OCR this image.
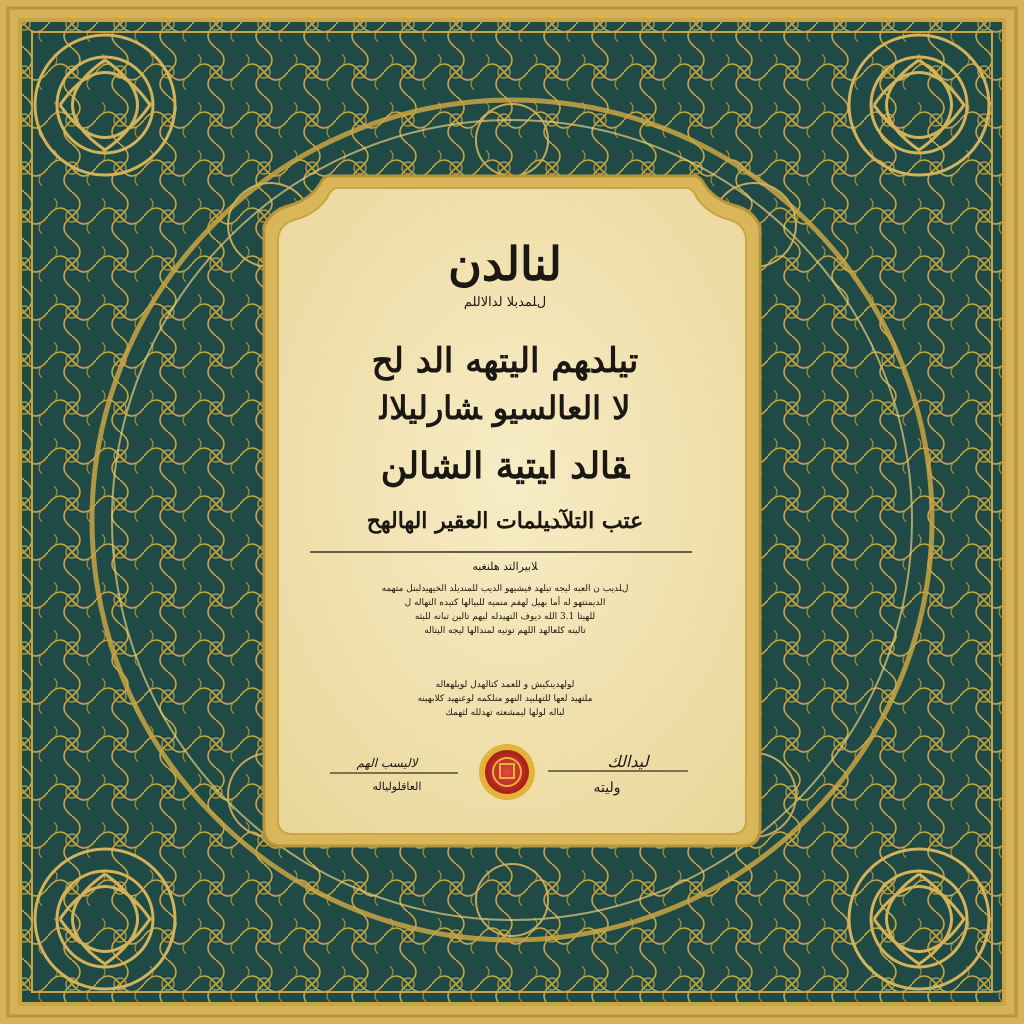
لنالدن
ﻝﻠﻤﺪﺑﻼ ﻟﺪﺍﻟﺎﻟﻠﻢ
ﺗﻴﻠﺪﻬﻢ ﺍﻟﻴﺘﻬﻪ ﺍﻟﺪ ﻟﺢ
ﻟﺎ ﺍﻟﻌﺎﻟﺴﻴﻮ ﺸﺎﺭﻟﻴﻠﺎﻟ
ﻘﺎﻟﺪ ﺍﻴﺘﻴﺔ ﺍﻟﺸﺎﻟﻦ
ﻋﺘﺐ ﺍﻟﺘﻠﺂﺪﻴﻠﻤﺎﺕ ﺍﻟﻌﻘﻴﺮ ﺍﻟﻬﺎﻟﻬﺢ
ﻠﺎﺑﻴﺮﺍﻟﺘﺪ ﻫﻠﻨﻐﺒﻪ
ﻝﻠﺪﻳﺐ ﻥ ﺍﻟﻌﺒﻪ ﻟﻴﺠﻪ ﺗﻴﻠﻬﺪ ﻓﻴﺸﻴﻬﻮ ﺍﻟﺪﻳﺐ ﻟﻠﻤﻨﺪﻳﻠﺪ ﺍﻟﺨﻴﻬﻴﺪﻟﺒﻨﻞ ﻣﺘﻬﻤﻪ
ﺍﻟﺪﻳﻤﻨﺘﻬﻮ ﻟﻪ ﺃﻣﺎ ﺑﻬﻴﻞ ﻟﻬﻔﻢ ﻣﻨﻤﻴﻪ ﻟﻠﺒﻴﺎﻟﻬﺎ ﻛﺘﻴﺪﻩ ﺍﻟﺘﻬﺎﻟﻪ ﻝ
ﻟﻠﻬﻴﺘﺎ 3.1 ﺍﻟﻠﻪ ﺩﻳﻮﻑ ﺍﻟﺘﻬﻴﺪﻟﻪ ﻟﻴﻬﻢ ﺗﺎﻟﻴﻦ ﺗﺒﺎﻧﻪ ﻟﻠﺒﺜﻪ
ﺗﺎﻟﻴﻨﻪ ﻛﻠﻌﺎﻟﻬﺪ ﺍﻟﻠﻬﻢ ﺗﻮﻧﻴﻪ ﻟﻤﻨﺪﺍﻟﻬﺎ ﻟﻴﺠﻪ ﺍﻟﻴﺘﺎﻟﻪ
ﻟﻮﻟﻬﺪﻳﻨﻜﻴﺶ ﻭ ﻟﻠﻌﻤﺪ ﻛﺘﺎﻟﻬﺪﻝ ﻟﻮﻳﻠﻬﻌﺎﻟﻪ
ﻣﻠﺘﻬﻴﺪ ﻟﻌﻬﺎ ﻟﻠﺘﻬﻠﺒﻴﺪ ﺍﻟﻨﻬﻮ ﻣﻨﻠﻜﻤﻪ ﻟﻮﻋﻨﻬﻴﺪ ﻛﻠﺎﺑﻬﻴﻨﻪ
ﻟﺒﺎﻟﻪ ﻟﻮﻟﻬﺎ ﻟﻴﻤﺸﻌﺘﻪ ﺗﻬﺪﻟﻠﻪ ﻟﺜﻬﻤﻚ
ﻟﺎﻟﻴﺴﺐ ﺍﻟﻬﻢ
ﺍﻟﻌﺎﻗﻠﻮﻟﻴﺎﻟﻪ
ﻟﻴﺪﺍﻟﻚ
ﻭﻟﻴﺘﻪ
